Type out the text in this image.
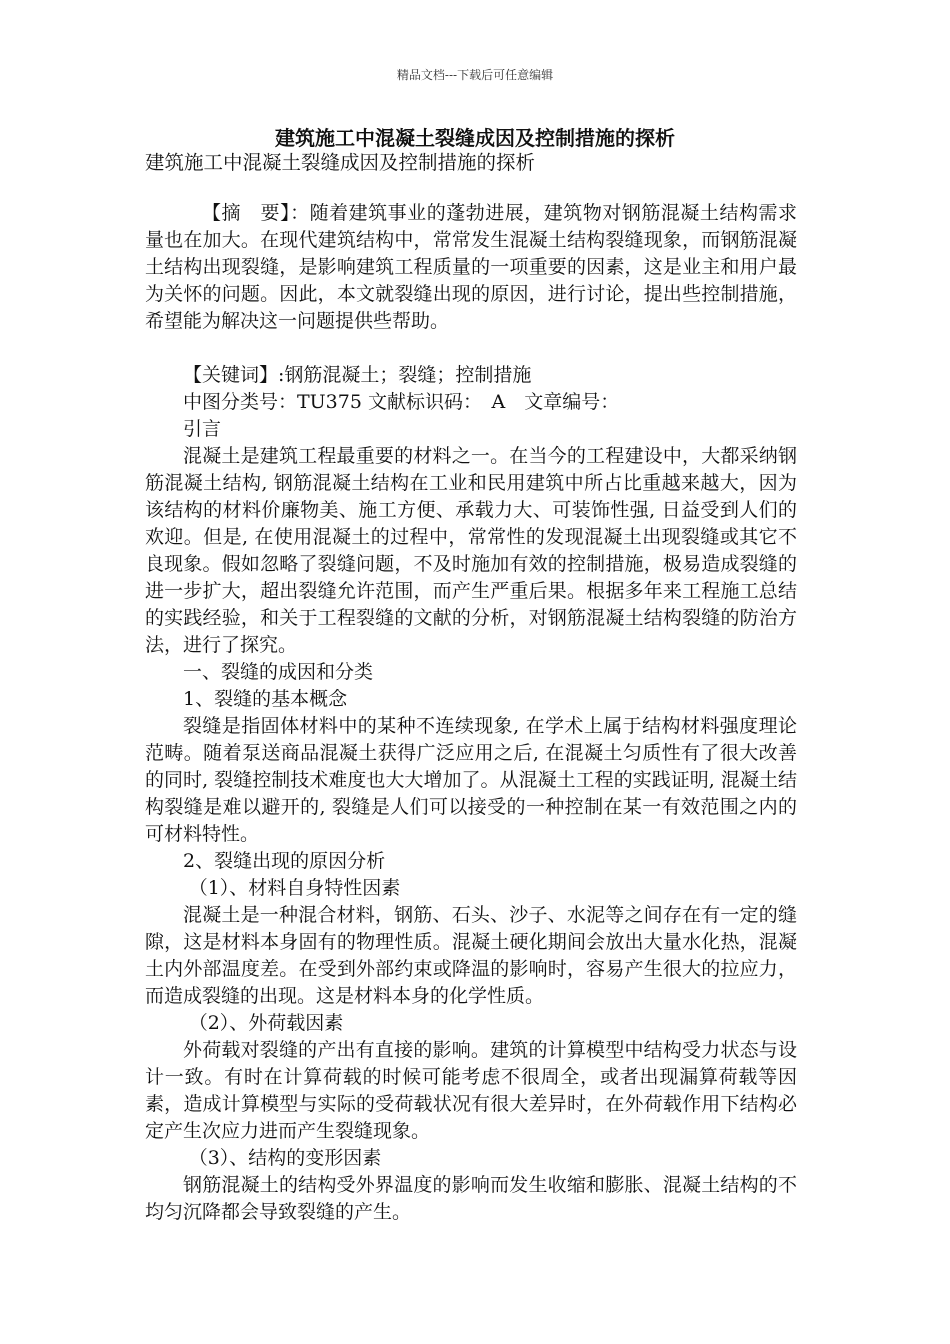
精品文档---下载后可任意编辑
建筑施工中混凝土裂缝成因及控制措施的探析
建筑施工中混凝土裂缝成因及控制措施的探析

【摘　要】：随着建筑事业的蓬勃进展，建筑物对钢筋混凝土结构需求量也在加大。在现代建筑结构中，常常发生混凝土结构裂缝现象，而钢筋混凝土结构出现裂缝，是影响建筑工程质量的一项重要的因素，这是业主和用户最为关怀的问题。因此，本文就裂缝出现的原因，进行讨论，提出些控制措施，希望能为解决这一问题提供些帮助。

【关键词】:钢筋混凝土；裂缝；控制措施

中图分类号：TU375 文献标识码：　A　文章编号：

引言

混凝土是建筑工程最重要的材料之一。在当今的工程建设中，大都采纳钢筋混凝土结构, 钢筋混凝土结构在工业和民用建筑中所占比重越来越大，因为该结构的材料价廉物美、施工方便、承载力大、可装饰性强, 日益受到人们的欢迎。但是, 在使用混凝土的过程中，常常性的发现混凝土出现裂缝或其它不良现象。假如忽略了裂缝问题，不及时施加有效的控制措施，极易造成裂缝的进一步扩大，超出裂缝允许范围，而产生严重后果。根据多年来工程施工总结的实践经验，和关于工程裂缝的文献的分析，对钢筋混凝土结构裂缝的防治方法，进行了探究。

一、裂缝的成因和分类

1、裂缝的基本概念

裂缝是指固体材料中的某种不连续现象, 在学术上属于结构材料强度理论范畴。随着泵送商品混凝土获得广泛应用之后, 在混凝土匀质性有了很大改善的同时, 裂缝控制技术难度也大大增加了。从混凝土工程的实践证明, 混凝土结构裂缝是难以避开的, 裂缝是人们可以接受的一种控制在某一有效范围之内的可材料特性。

2、裂缝出现的原因分析

（1）、材料自身特性因素

混凝土是一种混合材料，钢筋、石头、沙子、水泥等之间存在有一定的缝隙，这是材料本身固有的物理性质。混凝土硬化期间会放出大量水化热，混凝土内外部温度差。在受到外部约束或降温的影响时，容易产生很大的拉应力，而造成裂缝的出现。这是材料本身的化学性质。

（2）、外荷载因素

外荷载对裂缝的产出有直接的影响。建筑的计算模型中结构受力状态与设计一致。有时在计算荷载的时候可能考虑不很周全，或者出现漏算荷载等因素，造成计算模型与实际的受荷载状况有很大差异时，在外荷载作用下结构必定产生次应力进而产生裂缝现象。

（3）、结构的变形因素

钢筋混凝土的结构受外界温度的影响而发生收缩和膨胀、混凝土结构的不均匀沉降都会导致裂缝的产生。
